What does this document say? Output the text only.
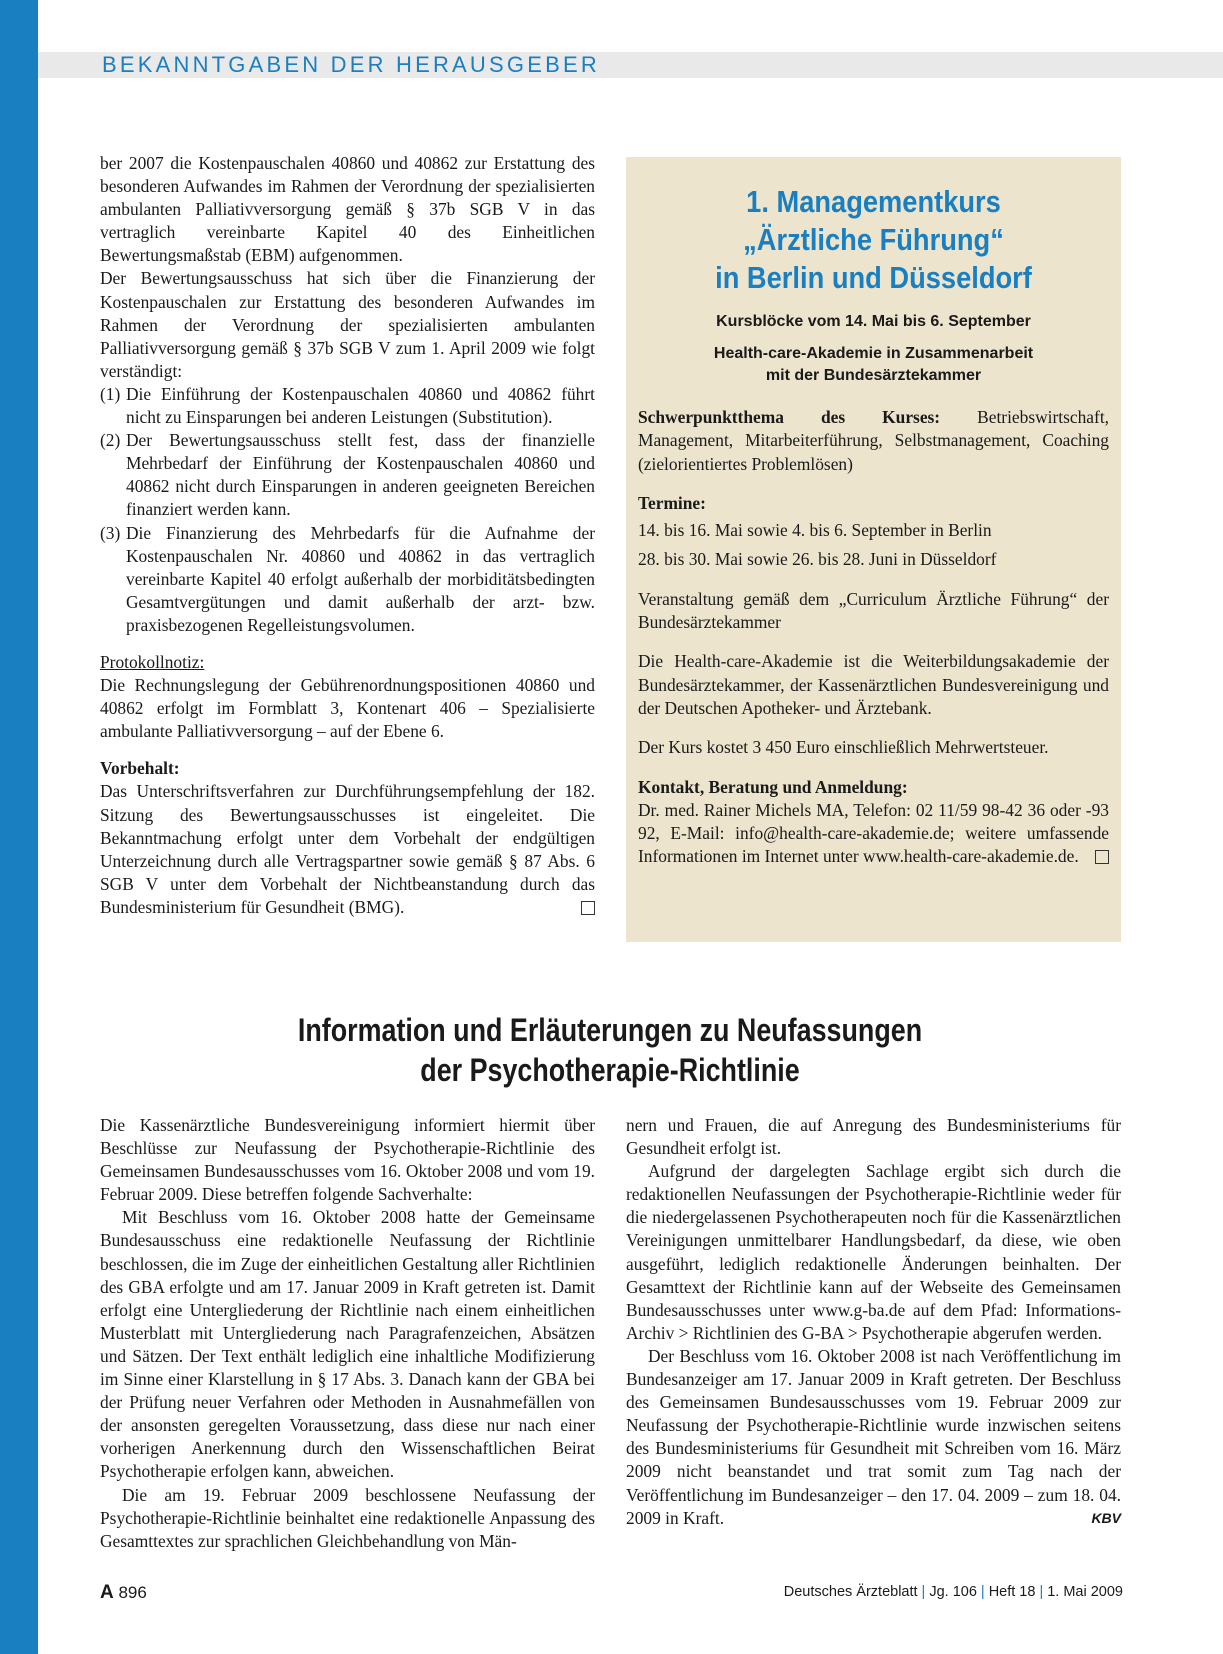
BEKANNTGABEN DER HERAUSGEBER

ber 2007 die Kostenpauschalen 40860 und 40862 zur Erstattung des besonderen Aufwandes im Rahmen der Verordnung der spezialisierten ambulanten Palliativversorgung gemäß § 37b SGB V in das vertraglich vereinbarte Kapitel 40 des Einheitlichen Bewertungsmaßstab (EBM) aufgenommen.

Der Bewertungsausschuss hat sich über die Finanzierung der Kostenpauschalen zur Erstattung des besonderen Aufwandes im Rahmen der Verordnung der spezialisierten ambulanten Palliativversorgung gemäß § 37b SGB V zum 1. April 2009 wie folgt verständigt:

(1) Die Einführung der Kostenpauschalen 40860 und 40862 führt nicht zu Einsparungen bei anderen Leistungen (Substitution).
(2) Der Bewertungsausschuss stellt fest, dass der finanzielle Mehrbedarf der Einführung der Kostenpauschalen 40860 und 40862 nicht durch Einsparungen in anderen geeigneten Bereichen finanziert werden kann.
(3) Die Finanzierung des Mehrbedarfs für die Aufnahme der Kostenpauschalen Nr. 40860 und 40862 in das vertraglich vereinbarte Kapitel 40 erfolgt außerhalb der morbiditätsbedingten Gesamtvergütungen und damit außerhalb der arzt- bzw. praxisbezogenen Regelleistungsvolumen.

Protokollnotiz:

Die Rechnungslegung der Gebührenordnungspositionen 40860 und 40862 erfolgt im Formblatt 3, Kontenart 406 – Spezialisierte ambulante Palliativversorgung – auf der Ebene 6.

Vorbehalt:

Das Unterschriftsverfahren zur Durchführungsempfehlung der 182. Sitzung des Bewertungsausschusses ist eingeleitet. Die Bekanntmachung erfolgt unter dem Vorbehalt der endgültigen Unterzeichnung durch alle Vertragspartner sowie gemäß § 87 Abs. 6 SGB V unter dem Vorbehalt der Nichtbeanstandung durch das Bundesministerium für Gesundheit (BMG).

1. Managementkurs
„Ärztliche Führung“
in Berlin und Düsseldorf
Kursblöcke vom 14. Mai bis 6. September
Health-care-Akademie in Zusammenarbeit
mit der Bundesärztekammer

Schwerpunktthema des Kurses: Betriebswirtschaft, Management, Mitarbeiterführung, Selbstmanagement, Coaching (zielorientiertes Problemlösen)

Termine:

14. bis 16. Mai sowie 4. bis 6. September in Berlin

28. bis 30. Mai sowie 26. bis 28. Juni in Düsseldorf

Veranstaltung gemäß dem „Curriculum Ärztliche Führung“ der Bundesärztekammer

Die Health-care-Akademie ist die Weiterbildungsakademie der Bundesärztekammer, der Kassenärztlichen Bundesvereinigung und der Deutschen Apotheker- und Ärztebank.

Der Kurs kostet 3 450 Euro einschließlich Mehrwertsteuer.

Kontakt, Beratung und Anmeldung:

Dr. med. Rainer Michels MA, Telefon: 02 11/59 98-42 36 oder -93 92, E-Mail: info@health-care-akademie.de; weitere umfassende Informationen im Internet unter www.health-care-akademie.de.

Information und Erläuterungen zu Neufassungen
der Psychotherapie-Richtlinie

Die Kassenärztliche Bundesvereinigung informiert hiermit über Beschlüsse zur Neufassung der Psychotherapie-Richtlinie des Gemeinsamen Bundesausschusses vom 16. Oktober 2008 und vom 19. Februar 2009. Diese betreffen folgende Sachverhalte:

Mit Beschluss vom 16. Oktober 2008 hatte der Gemeinsame Bundesausschuss eine redaktionelle Neufassung der Richtlinie beschlossen, die im Zuge der einheitlichen Gestaltung aller Richtlinien des GBA erfolgte und am 17. Januar 2009 in Kraft getreten ist. Damit erfolgt eine Untergliederung der Richtlinie nach einem einheitlichen Musterblatt mit Untergliederung nach Paragrafenzeichen, Absätzen und Sätzen. Der Text enthält lediglich eine inhaltliche Modifizierung im Sinne einer Klarstellung in § 17 Abs. 3. Danach kann der GBA bei der Prüfung neuer Verfahren oder Methoden in Ausnahmefällen von der ansonsten geregelten Voraussetzung, dass diese nur nach einer vorherigen Anerkennung durch den Wissenschaftlichen Beirat Psychotherapie erfolgen kann, abweichen.

Die am 19. Februar 2009 beschlossene Neufassung der Psychotherapie-Richtlinie beinhaltet eine redaktionelle Anpassung des Gesamttextes zur sprachlichen Gleichbehandlung von Män-

nern und Frauen, die auf Anregung des Bundesministeriums für Gesundheit erfolgt ist.

Aufgrund der dargelegten Sachlage ergibt sich durch die redaktionellen Neufassungen der Psychotherapie-Richtlinie weder für die niedergelassenen Psychotherapeuten noch für die Kassenärztlichen Vereinigungen unmittelbarer Handlungsbedarf, da diese, wie oben ausgeführt, lediglich redaktionelle Änderungen beinhalten. Der Gesamttext der Richtlinie kann auf der Webseite des Gemeinsamen Bundesausschusses unter www.g-ba.de auf dem Pfad: Informations-Archiv > Richtlinien des G-BA > Psychotherapie abgerufen werden.

Der Beschluss vom 16. Oktober 2008 ist nach Veröffentlichung im Bundesanzeiger am 17. Januar 2009 in Kraft getreten. Der Beschluss des Gemeinsamen Bundesausschusses vom 19. Februar 2009 zur Neufassung der Psychotherapie-Richtlinie wurde inzwischen seitens des Bundesministeriums für Gesundheit mit Schreiben vom 16. März 2009 nicht beanstandet und trat somit zum Tag nach der Veröffentlichung im Bundesanzeiger – den 17. 04. 2009 – zum 18. 04. 2009 in Kraft.	KBV

A 896	Deutsches Ärzteblatt | Jg. 106 | Heft 18 | 1. Mai 2009
